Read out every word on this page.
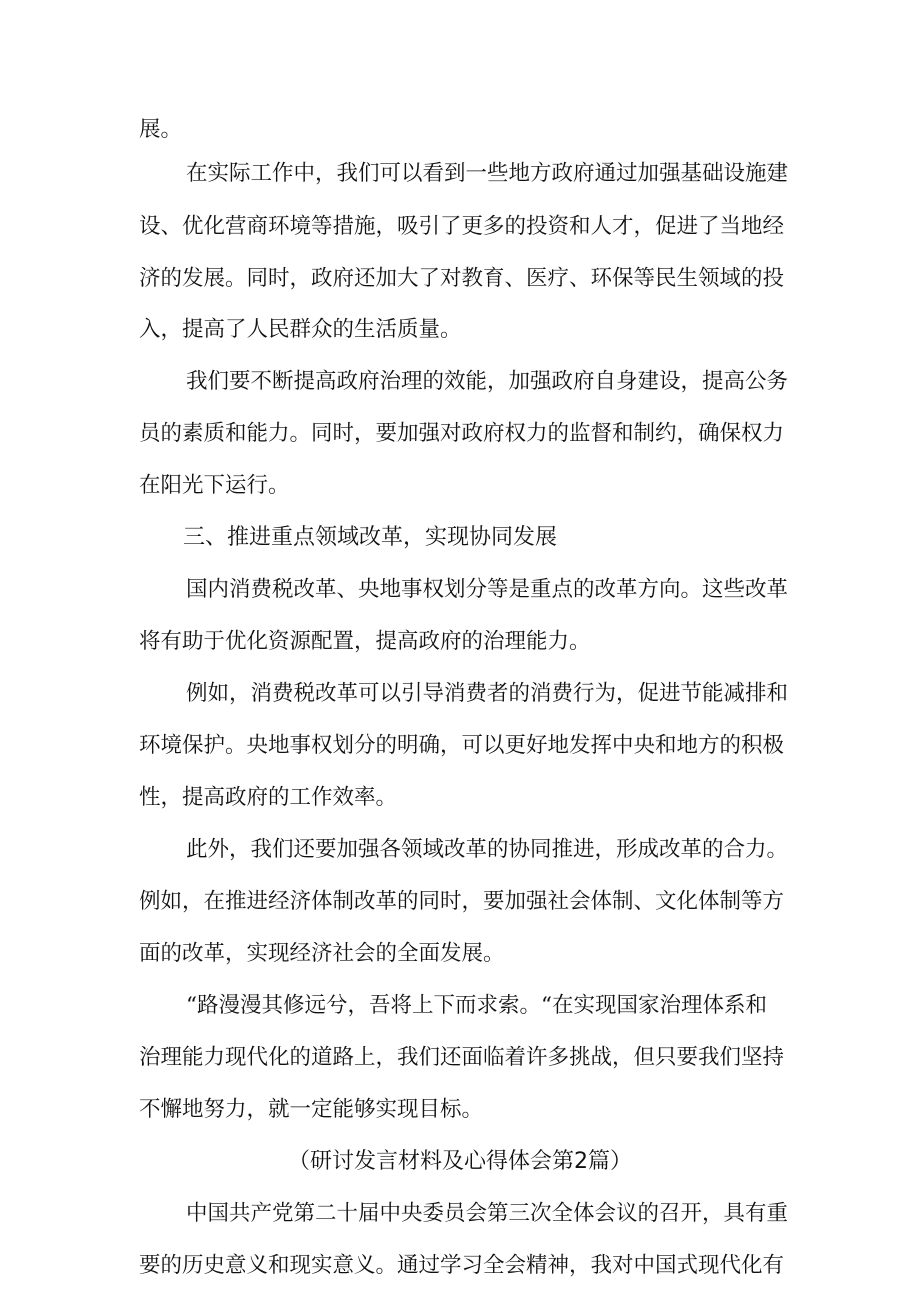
展。
在实际工作中，我们可以看到一些地方政府通过加强基础设施建
设、优化营商环境等措施，吸引了更多的投资和人才，促进了当地经
济的发展。同时，政府还加大了对教育、医疗、环保等民生领域的投
入，提高了人民群众的生活质量。
我们要不断提高政府治理的效能，加强政府自身建设，提高公务
员的素质和能力。同时，要加强对政府权力的监督和制约，确保权力
在阳光下运行。
三、推进重点领域改革，实现协同发展
国内消费税改革、央地事权划分等是重点的改革方向。这些改革
将有助于优化资源配置，提高政府的治理能力。
例如，消费税改革可以引导消费者的消费行为，促进节能减排和
环境保护。央地事权划分的明确，可以更好地发挥中央和地方的积极
性，提高政府的工作效率。
此外，我们还要加强各领域改革的协同推进，形成改革的合力。
例如，在推进经济体制改革的同时，要加强社会体制、文化体制等方
面的改革，实现经济社会的全面发展。
“路漫漫其修远兮，吾将上下而求索。“在实现国家治理体系和
治理能力现代化的道路上，我们还面临着许多挑战，但只要我们坚持
不懈地努力，就一定能够实现目标。
（研讨发言材料及心得体会第2篇）
中国共产党第二十届中央委员会第三次全体会议的召开，具有重
要的历史意义和现实意义。通过学习全会精神，我对中国式现代化有
